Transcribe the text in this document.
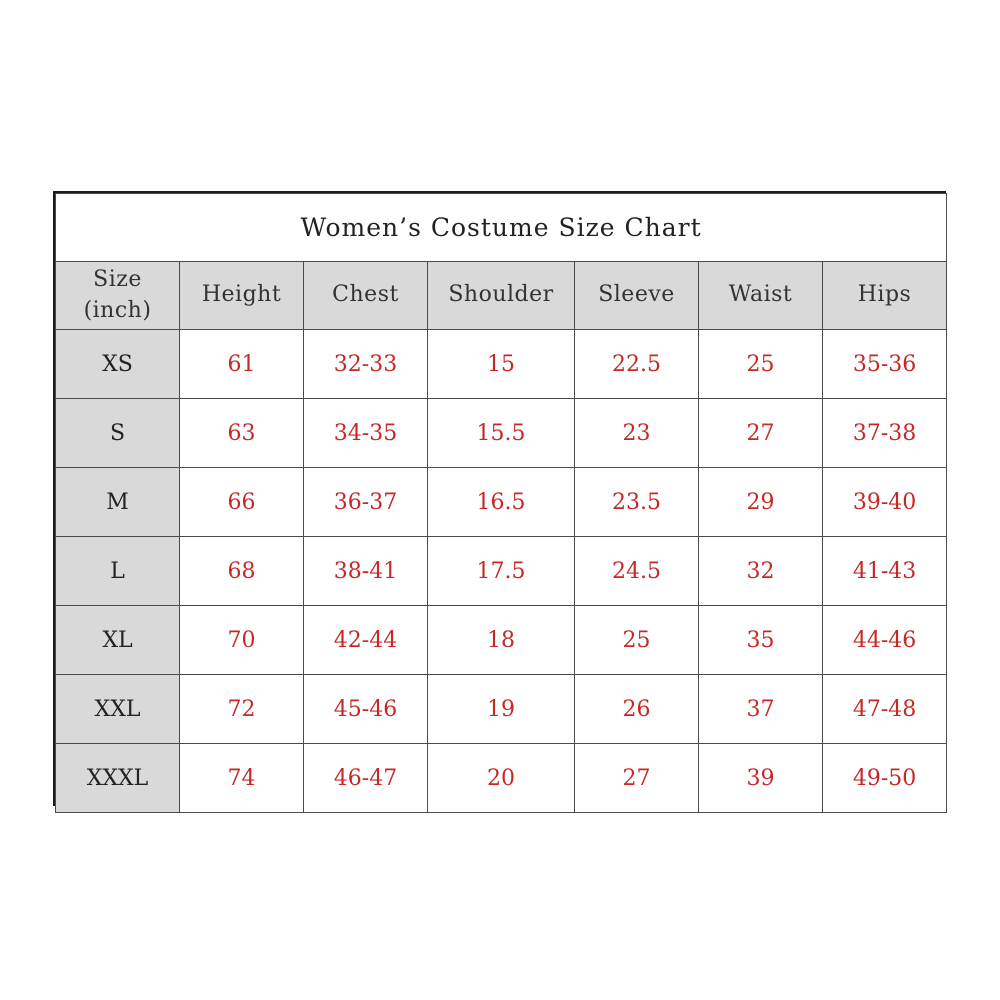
Women’s Costume Size Chart						

Size
(inch)	Height	Chest	Shoulder	Sleeve	Waist	Hips
XS	61	32-33	15	22.5	25	35-36
S	63	34-35	15.5	23	27	37-38
M	66	36-37	16.5	23.5	29	39-40
L	68	38-41	17.5	24.5	32	41-43
XL	70	42-44	18	25	35	44-46
XXL	72	45-46	19	26	37	47-48
XXXL	74	46-47	20	27	39	49-50
